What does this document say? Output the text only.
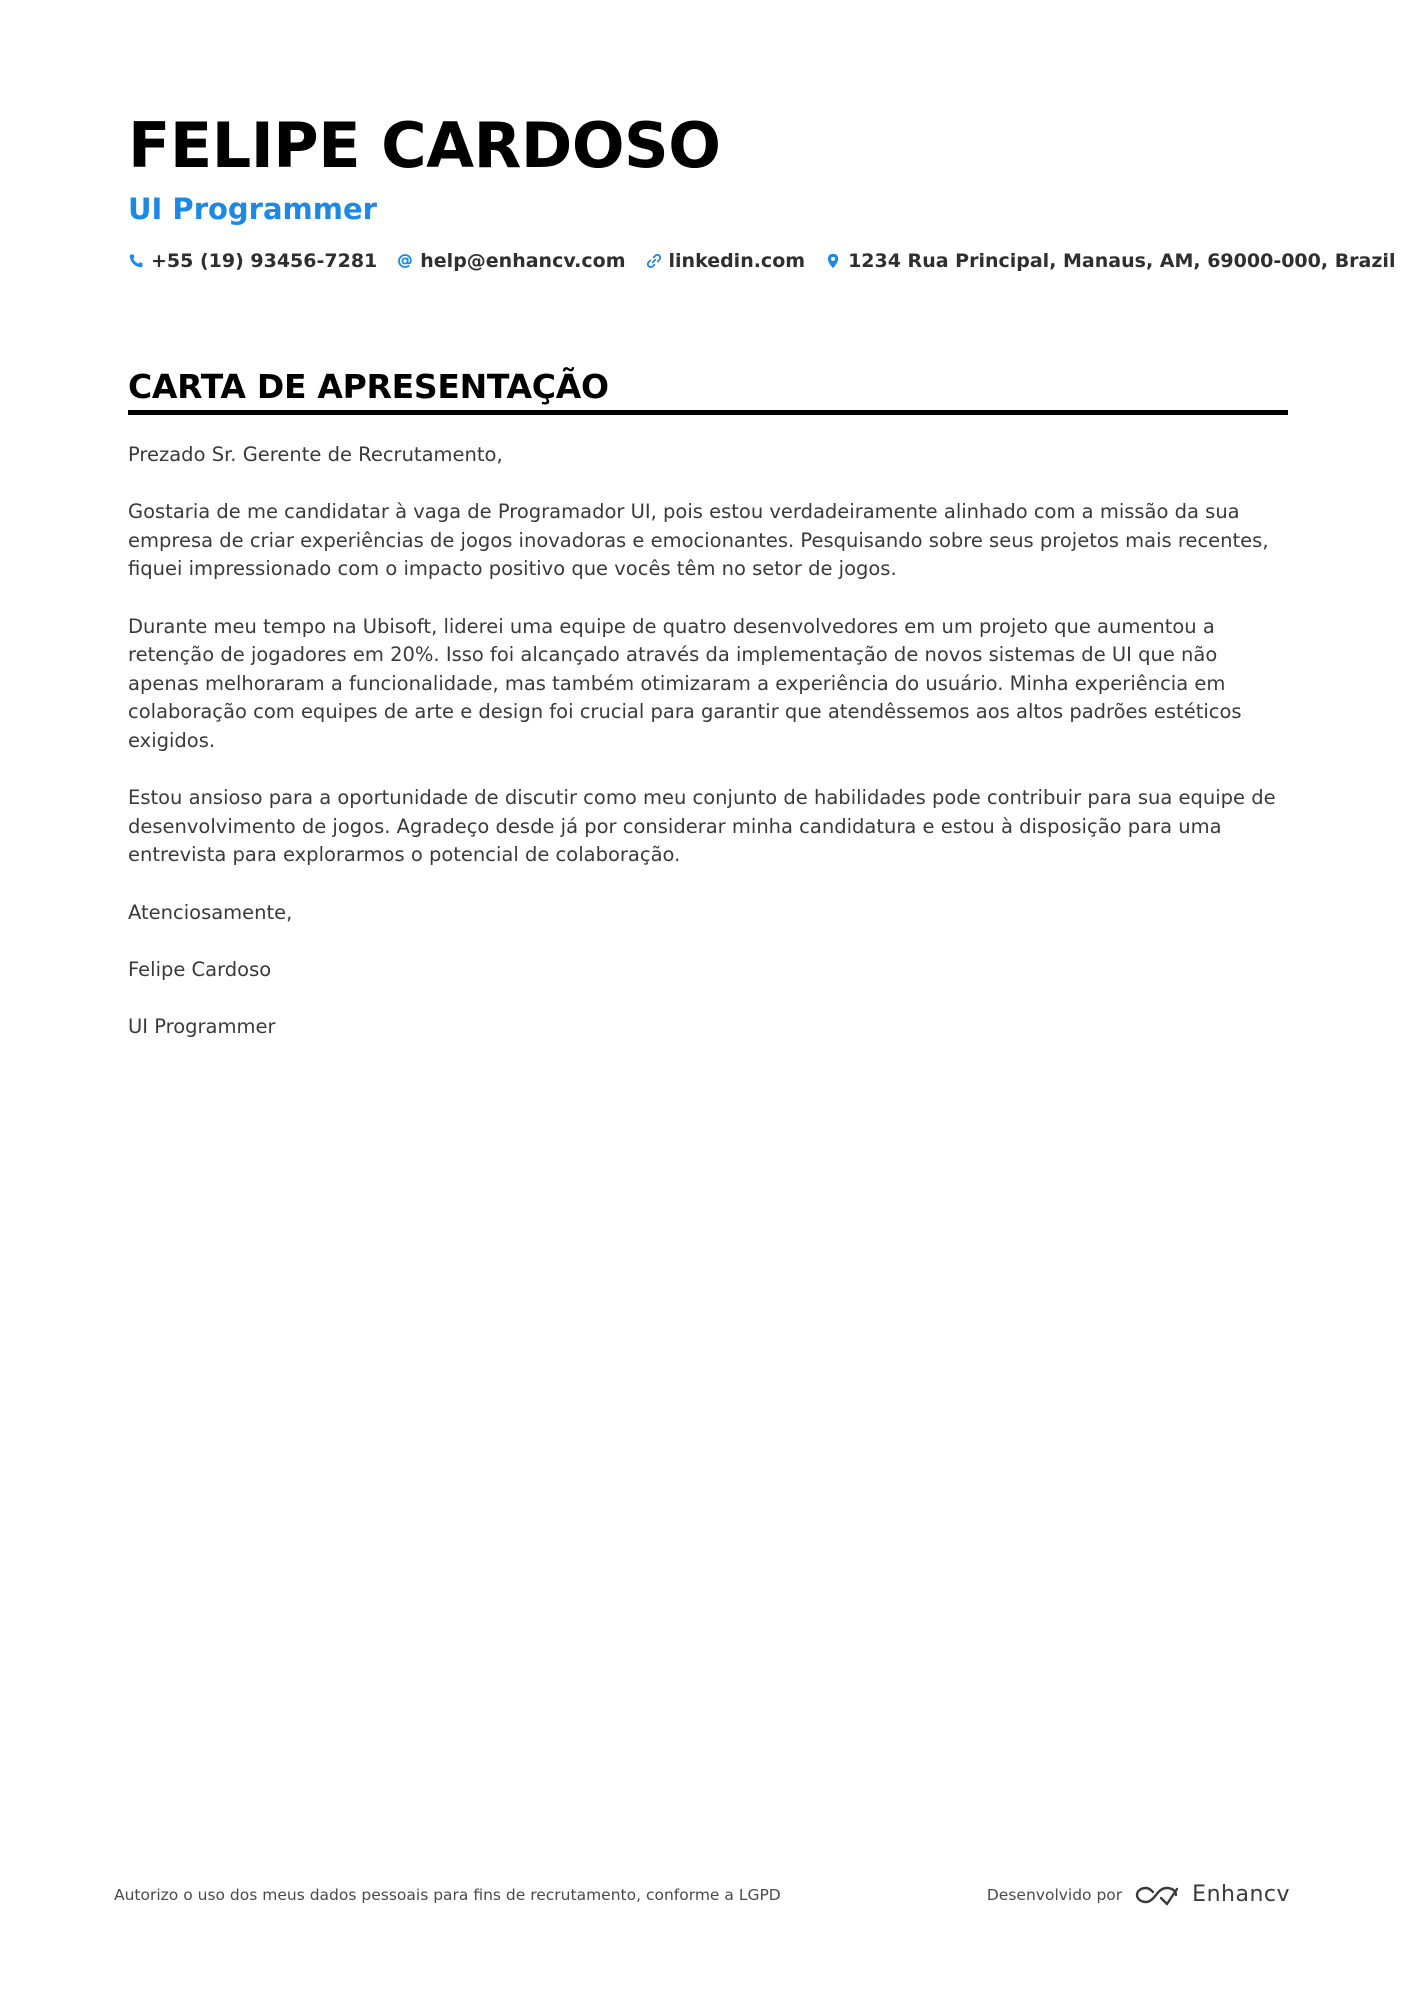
FELIPE CARDOSO
UI Programmer
+55 (19) 93456-7281 help@enhancv.com linkedin.com 1234 Rua Principal, Manaus, AM, 69000-000, Brazil
CARTA DE APRESENTAÇÃO

Prezado Sr. Gerente de Recrutamento,

Gostaria de me candidatar à vaga de Programador UI, pois estou verdadeiramente alinhado com a missão da sua empresa de criar experiências de jogos inovadoras e emocionantes. Pesquisando sobre seus projetos mais recentes, fiquei impressionado com o impacto positivo que vocês têm no setor de jogos.

Durante meu tempo na Ubisoft, liderei uma equipe de quatro desenvolvedores em um projeto que aumentou a retenção de jogadores em 20%. Isso foi alcançado através da implementação de novos sistemas de UI que não apenas melhoraram a funcionalidade, mas também otimizaram a experiência do usuário. Minha experiência em colaboração com equipes de arte e design foi crucial para garantir que atendêssemos aos altos padrões estéticos exigidos.

Estou ansioso para a oportunidade de discutir como meu conjunto de habilidades pode contribuir para sua equipe de desenvolvimento de jogos. Agradeço desde já por considerar minha candidatura e estou à disposição para uma entrevista para explorarmos o potencial de colaboração.

Atenciosamente,

Felipe Cardoso

UI Programmer

Autorizo o uso dos meus dados pessoais para fins de recrutamento, conforme a LGPD	Desenvolvido por	Enhancv
